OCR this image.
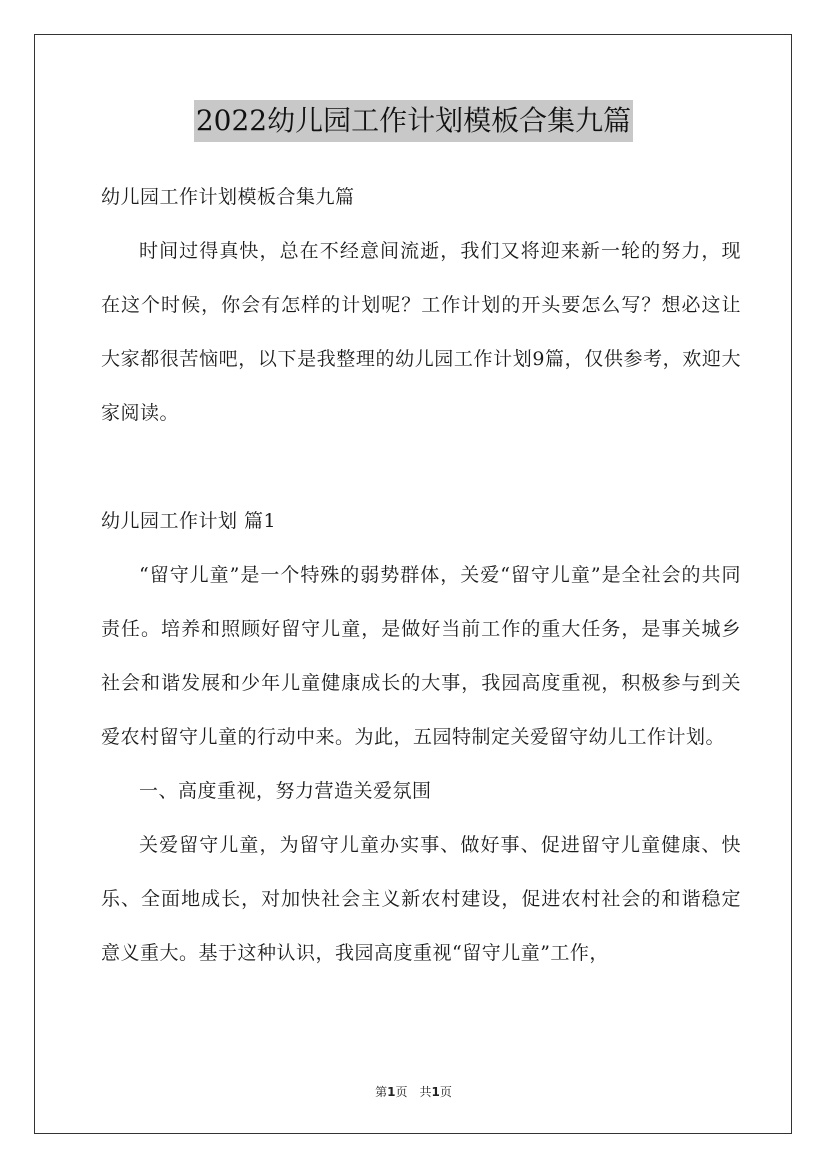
2022幼儿园工作计划模板合集九篇

幼儿园工作计划模板合集九篇

时间过得真快，总在不经意间流逝，我们又将迎来新一轮的努力，现在这个时候，你会有怎样的计划呢？工作计划的开头要怎么写？想必这让大家都很苦恼吧，以下是我整理的幼儿园工作计划9篇，仅供参考，欢迎大家阅读。

幼儿园工作计划 篇1

“留守儿童”是一个特殊的弱势群体，关爱“留守儿童”是全社会的共同责任。培养和照顾好留守儿童，是做好当前工作的重大任务，是事关城乡社会和谐发展和少年儿童健康成长的大事，我园高度重视，积极参与到关爱农村留守儿童的行动中来。为此，五园特制定关爱留守幼儿工作计划。

一、高度重视，努力营造关爱氛围

关爱留守儿童，为留守儿童办实事、做好事、促进留守儿童健康、快乐、全面地成长，对加快社会主义新农村建设，促进农村社会的和谐稳定意义重大。基于这种认识，我园高度重视“留守儿童”工作，

第1页　共1页
